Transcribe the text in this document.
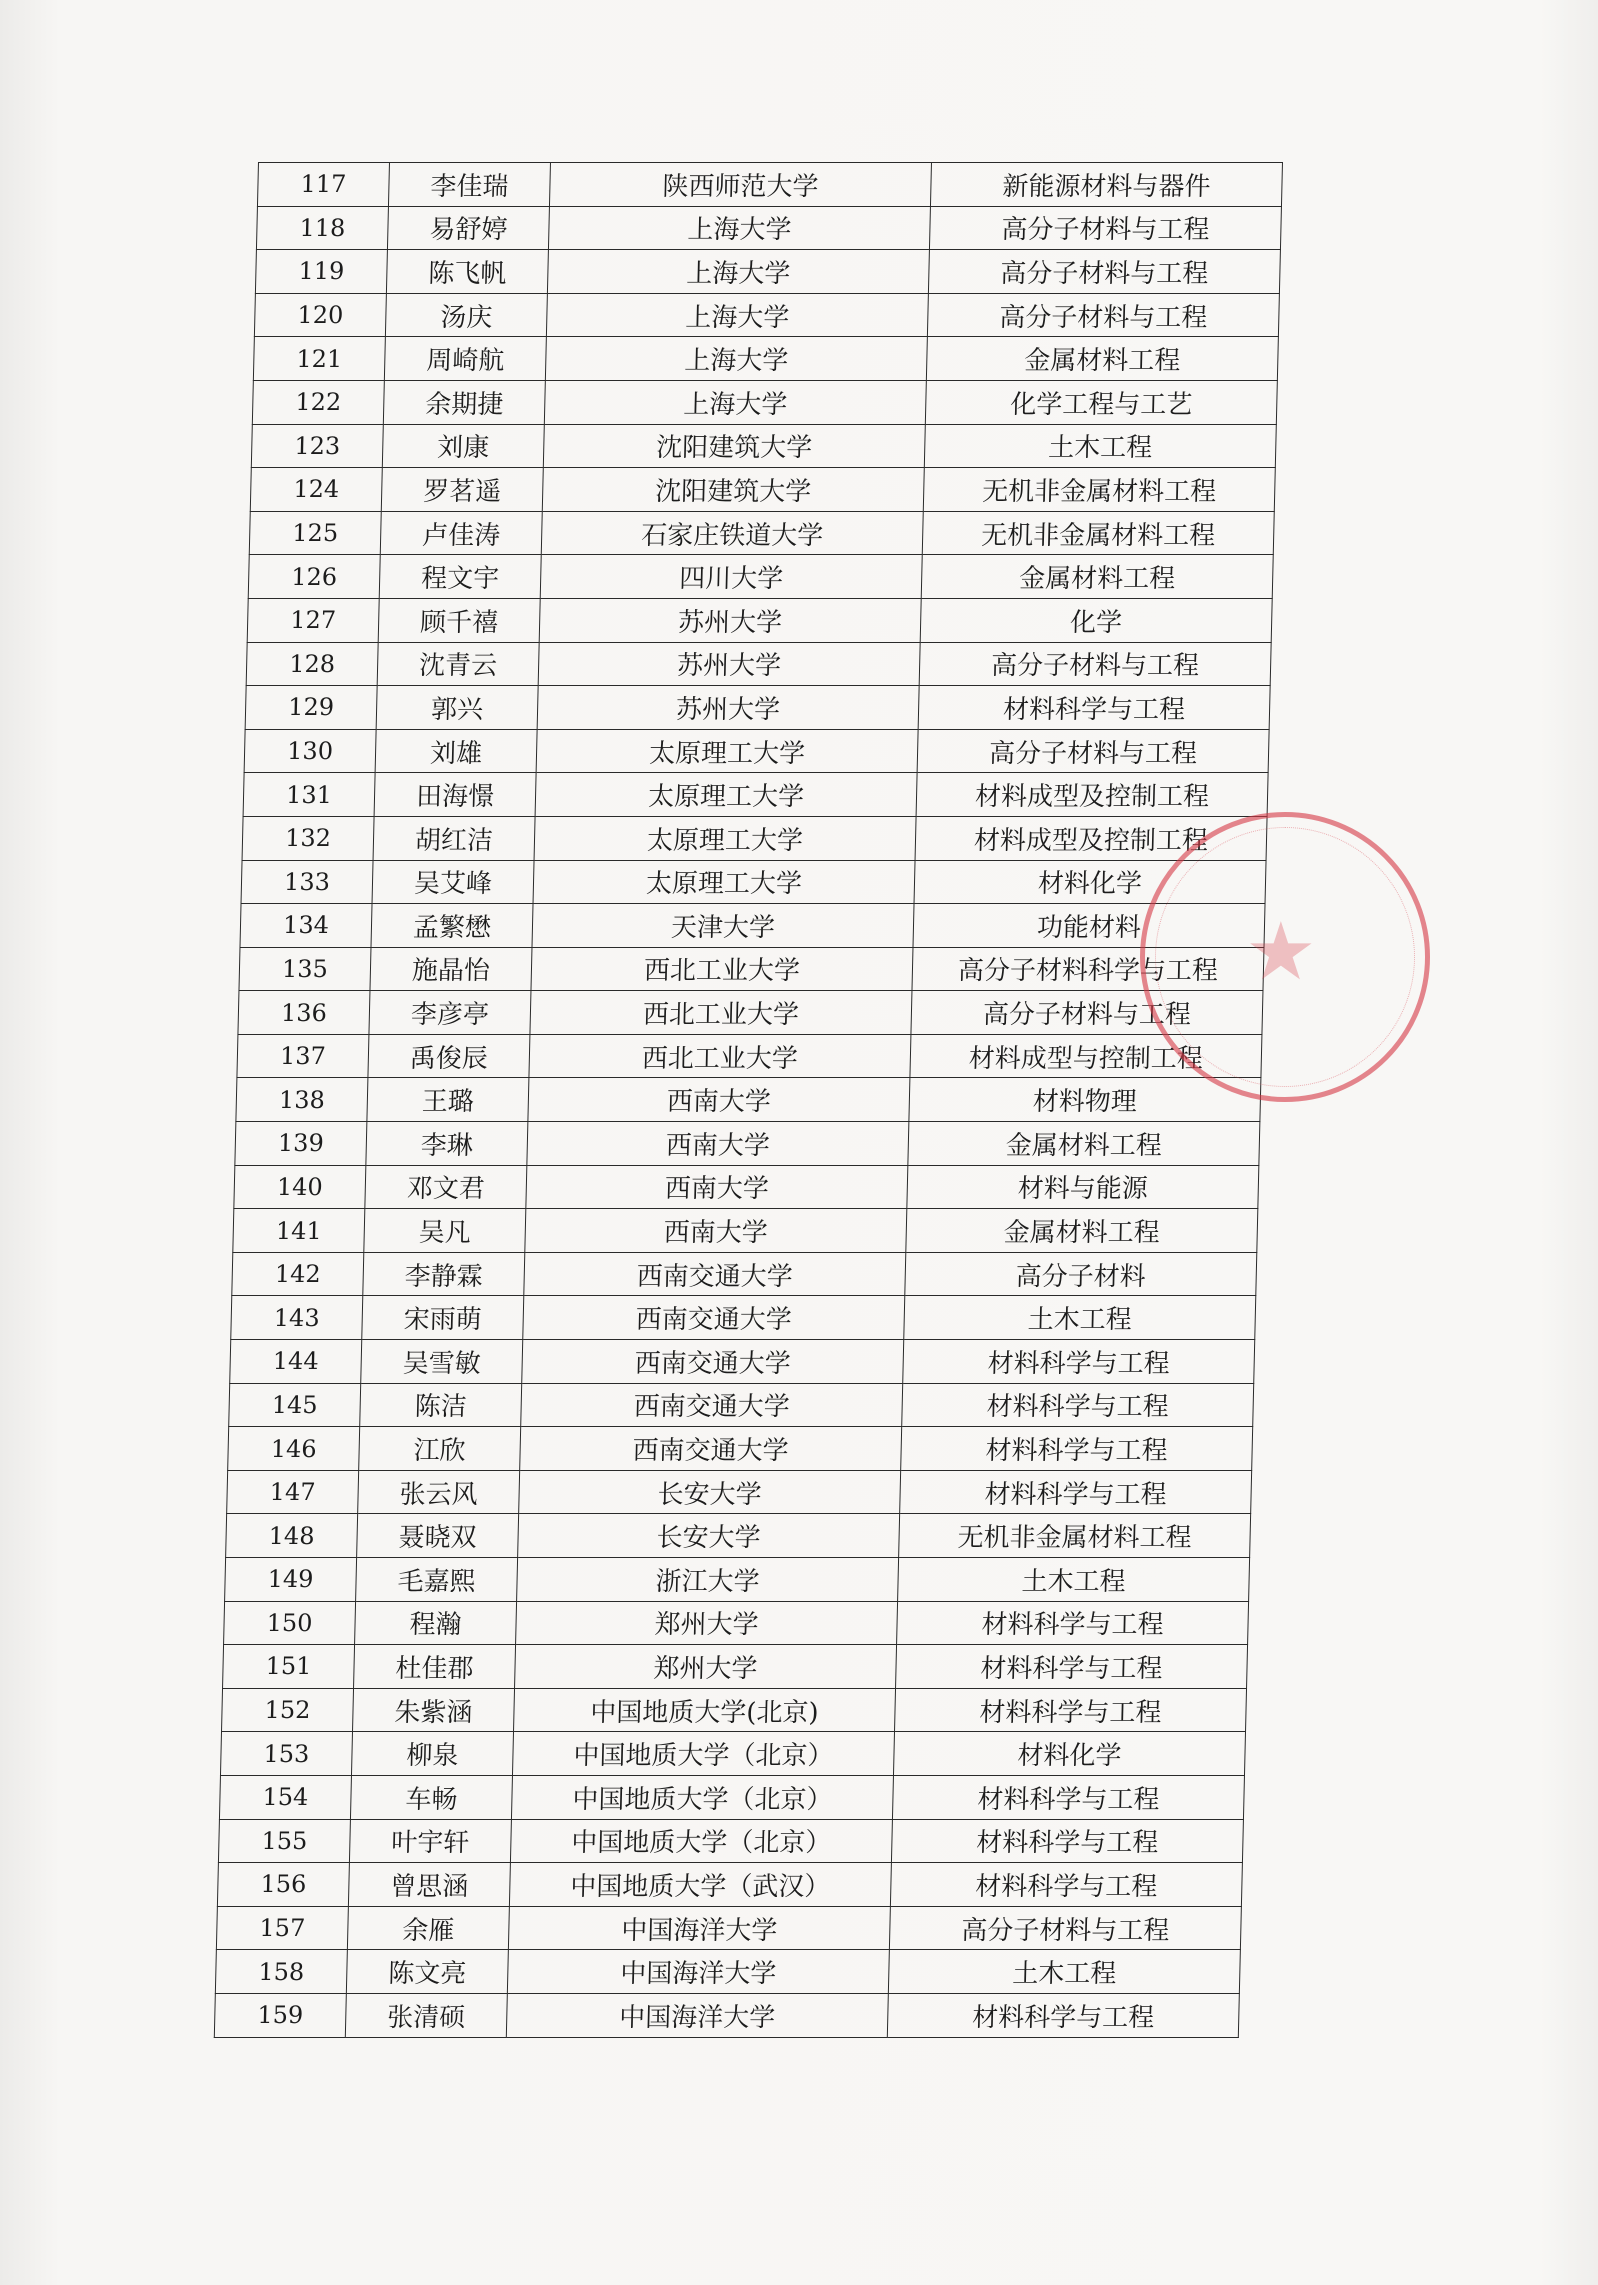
117	李佳瑞	陕西师范大学	新能源材料与器件
118	易舒婷	上海大学	高分子材料与工程
119	陈飞帆	上海大学	高分子材料与工程
120	汤庆	上海大学	高分子材料与工程
121	周崎航	上海大学	金属材料工程
122	余期捷	上海大学	化学工程与工艺
123	刘康	沈阳建筑大学	土木工程
124	罗茗遥	沈阳建筑大学	无机非金属材料工程
125	卢佳涛	石家庄铁道大学	无机非金属材料工程
126	程文宇	四川大学	金属材料工程
127	顾千禧	苏州大学	化学
128	沈青云	苏州大学	高分子材料与工程
129	郭兴	苏州大学	材料科学与工程
130	刘雄	太原理工大学	高分子材料与工程
131	田海憬	太原理工大学	材料成型及控制工程
132	胡红洁	太原理工大学	材料成型及控制工程
133	吴艾峰	太原理工大学	材料化学
134	孟繁懋	天津大学	功能材料
135	施晶怡	西北工业大学	高分子材料科学与工程
136	李彦亭	西北工业大学	高分子材料与工程
137	禹俊辰	西北工业大学	材料成型与控制工程
138	王璐	西南大学	材料物理
139	李琳	西南大学	金属材料工程
140	邓文君	西南大学	材料与能源
141	吴凡	西南大学	金属材料工程
142	李静霖	西南交通大学	高分子材料
143	宋雨萌	西南交通大学	土木工程
144	吴雪敏	西南交通大学	材料科学与工程
145	陈洁	西南交通大学	材料科学与工程
146	江欣	西南交通大学	材料科学与工程
147	张云风	长安大学	材料科学与工程
148	聂晓双	长安大学	无机非金属材料工程
149	毛嘉熙	浙江大学	土木工程
150	程瀚	郑州大学	材料科学与工程
151	杜佳郡	郑州大学	材料科学与工程
152	朱紫涵	中国地质大学(北京)	材料科学与工程
153	柳泉	中国地质大学（北京）	材料化学
154	车畅	中国地质大学（北京）	材料科学与工程
155	叶宇轩	中国地质大学（北京）	材料科学与工程
156	曾思涵	中国地质大学（武汉）	材料科学与工程
157	余雁	中国海洋大学	高分子材料与工程
158	陈文亮	中国海洋大学	土木工程
159	张清硕	中国海洋大学	材料科学与工程
★
